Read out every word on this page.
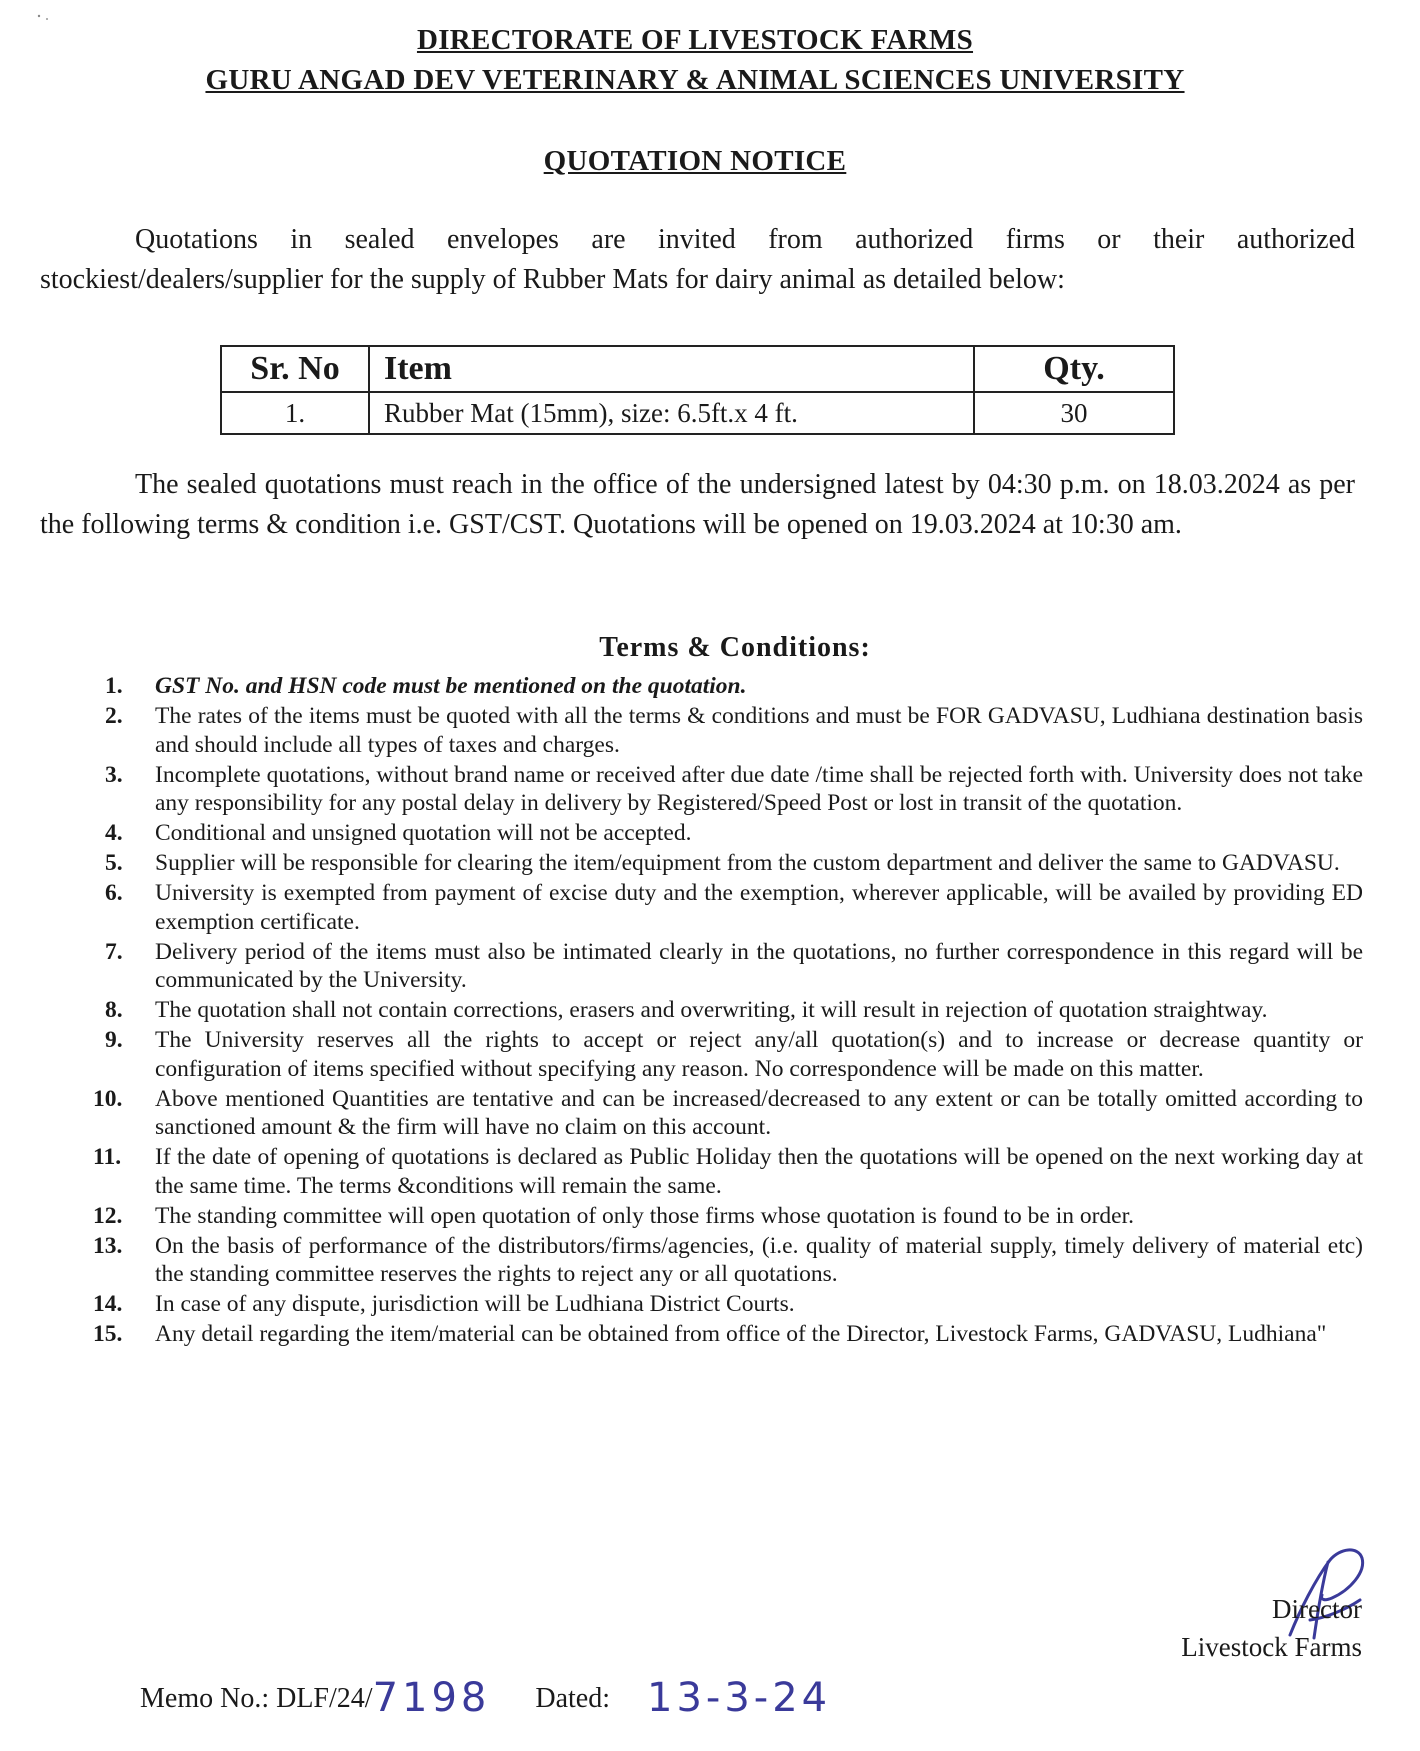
DIRECTORATE OF LIVESTOCK FARMS
GURU ANGAD DEV VETERINARY & ANIMAL SCIENCES UNIVERSITY
QUOTATION NOTICE
Quotations in sealed envelopes are invited from authorized firms or their authorized stockiest/dealers/supplier for the supply of Rubber Mats for dairy animal as detailed below:
Sr. No	Item	Qty.
1.	Rubber Mat (15mm), size: 6.5ft.x 4 ft.	30
The sealed quotations must reach in the office of the undersigned latest by 04:30 p.m. on 18.03.2024 as per the following terms & condition i.e. GST/CST. Quotations will be opened on 19.03.2024 at 10:30 am.
Terms & Conditions:
1. GST No. and HSN code must be mentioned on the quotation.
2. The rates of the items must be quoted with all the terms & conditions and must be FOR GADVASU, Ludhiana destination basis and should include all types of taxes and charges.
3. Incomplete quotations, without brand name or received after due date /time shall be rejected forth with. University does not take any responsibility for any postal delay in delivery by Registered/Speed Post or lost in transit of the quotation.
4. Conditional and unsigned quotation will not be accepted.
5. Supplier will be responsible for clearing the item/equipment from the custom department and deliver the same to GADVASU.
6. University is exempted from payment of excise duty and the exemption, wherever applicable, will be availed by providing ED exemption certificate.
7. Delivery period of the items must also be intimated clearly in the quotations, no further correspondence in this regard will be communicated by the University.
8. The quotation shall not contain corrections, erasers and overwriting, it will result in rejection of quotation straightway.
9. The University reserves all the rights to accept or reject any/all quotation(s) and to increase or decrease quantity or configuration of items specified without specifying any reason. No correspondence will be made on this matter.
10. Above mentioned Quantities are tentative and can be increased/decreased to any extent or can be totally omitted according to sanctioned amount & the firm will have no claim on this account.
11. If the date of opening of quotations is declared as Public Holiday then the quotations will be opened on the next working day at the same time. The terms &conditions will remain the same.
12. The standing committee will open quotation of only those firms whose quotation is found to be in order.
13. On the basis of performance of the distributors/firms/agencies, (i.e. quality of material supply, timely delivery of material etc) the standing committee reserves the rights to reject any or all quotations.
14. In case of any dispute, jurisdiction will be Ludhiana District Courts.
15. Any detail regarding the item/material can be obtained from office of the Director, Livestock Farms, GADVASU, Ludhiana"
Director
Livestock Farms
Memo No.: DLF/24/7198 Dated: 13-3-24
